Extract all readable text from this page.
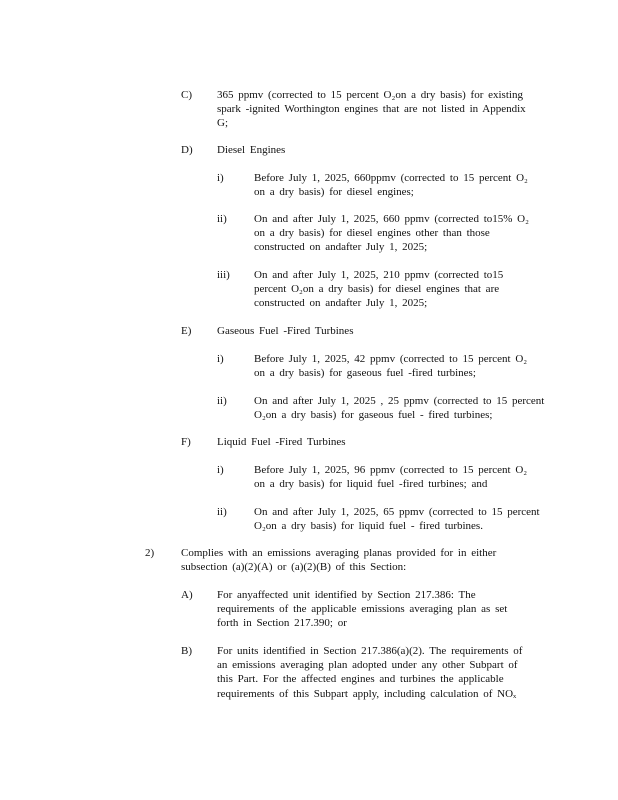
C) 365 ppmv (corrected to 15 percent O₂on a dry basis) for existing
spark -ignited Worthington engines that are not listed in Appendix
G;
D) Diesel Engines
i)	Before July 1, 2025, 660ppmv (corrected to 15 percent O₂
on a dry basis) for diesel engines;
ii) On and after July 1, 2025, 660 ppmv (corrected to15% O₂
on a dry basis) for diesel engines other than those
constructed on andafter July 1, 2025;
iii) On and after July 1, 2025, 210 ppmv (corrected to15
percent O₂on a dry basis) for diesel engines that are
constructed on andafter July 1, 2025;
E) Gaseous Fuel -Fired Turbines
i)	Before July 1, 2025, 42 ppmv (corrected to 15 percent O₂
on a dry basis) for gaseous fuel -fired turbines;
ii) On and after July 1, 2025 , 25 ppmv (corrected to 15 percent
O₂on a dry basis) for gaseous fuel - fired turbines;
F) Liquid Fuel -Fired Turbines
i)	Before July 1, 2025, 96 ppmv (corrected to 15 percent O₂
on a dry basis) for liquid fuel -fired turbines; and
ii) On and after July 1, 2025, 65 ppmv (corrected to 15 percent
O₂on a dry basis) for liquid fuel - fired turbines.
2) Complies with an emissions averaging planas provided for in either
subsection (a)(2)(A) or (a)(2)(B) of this Section:
A) For anyaffected unit identified by Section 217.386: The
requirements of the applicable emissions averaging plan as set
forth in Section 217.390; or
B) For units identified in Section 217.386(a)(2). The requirements of
an emissions averaging plan adopted under any other Subpart of
this Part. For the affected engines and turbines the applicable
requirements of this Subpart apply, including calculation of NOₓ
